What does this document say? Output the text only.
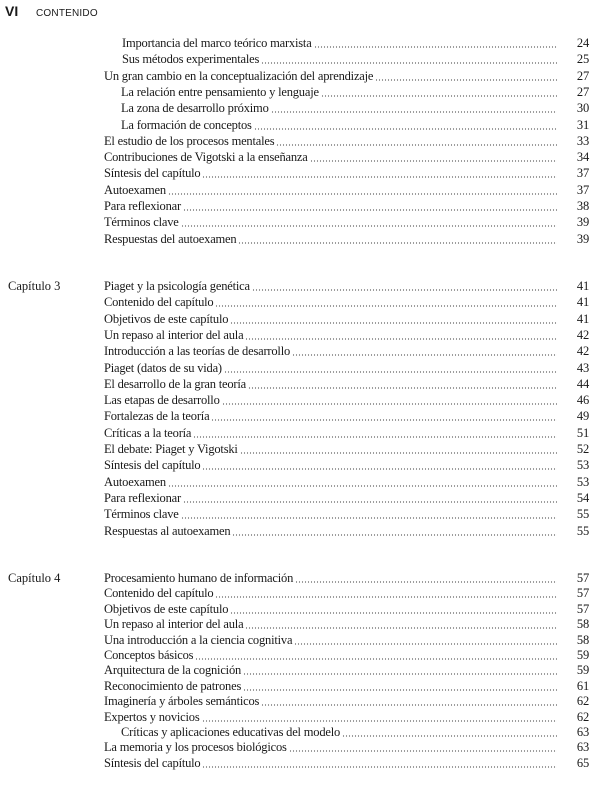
VI	CONTENIDO
Importancia del marco teórico marxista	24
Sus métodos experimentales	25
Un gran cambio en la conceptualización del aprendizaje	27
La relación entre pensamiento y lenguaje	27
La zona de desarrollo próximo	30
La formación de conceptos	31
El estudio de los procesos mentales	33
Contribuciones de Vigotski a la enseñanza	34
Síntesis del capítulo	37
Autoexamen	37
Para reflexionar	38
Términos clave	39
Respuestas del autoexamen	39
Capítulo 3	Piaget y la psicología genética	41
Contenido del capítulo	41
Objetivos de este capítulo	41
Un repaso al interior del aula	42
Introducción a las teorías de desarrollo	42
Piaget (datos de su vida)	43
El desarrollo de la gran teoría	44
Las etapas de desarrollo	46
Fortalezas de la teoría	49
Críticas a la teoría	51
El debate: Piaget y Vigotski	52
Síntesis del capítulo	53
Autoexamen	53
Para reflexionar	54
Términos clave	55
Respuestas al autoexamen	55
Capítulo 4	Procesamiento humano de información	57
Contenido del capítulo	57
Objetivos de este capítulo	57
Un repaso al interior del aula	58
Una introducción a la ciencia cognitiva	58
Conceptos básicos	59
Arquitectura de la cognición	59
Reconocimiento de patrones	61
Imaginería y árboles semánticos	62
Expertos y novicios	62
Críticas y aplicaciones educativas del modelo	63
La memoria y los procesos biológicos	63
Síntesis del capítulo	65
